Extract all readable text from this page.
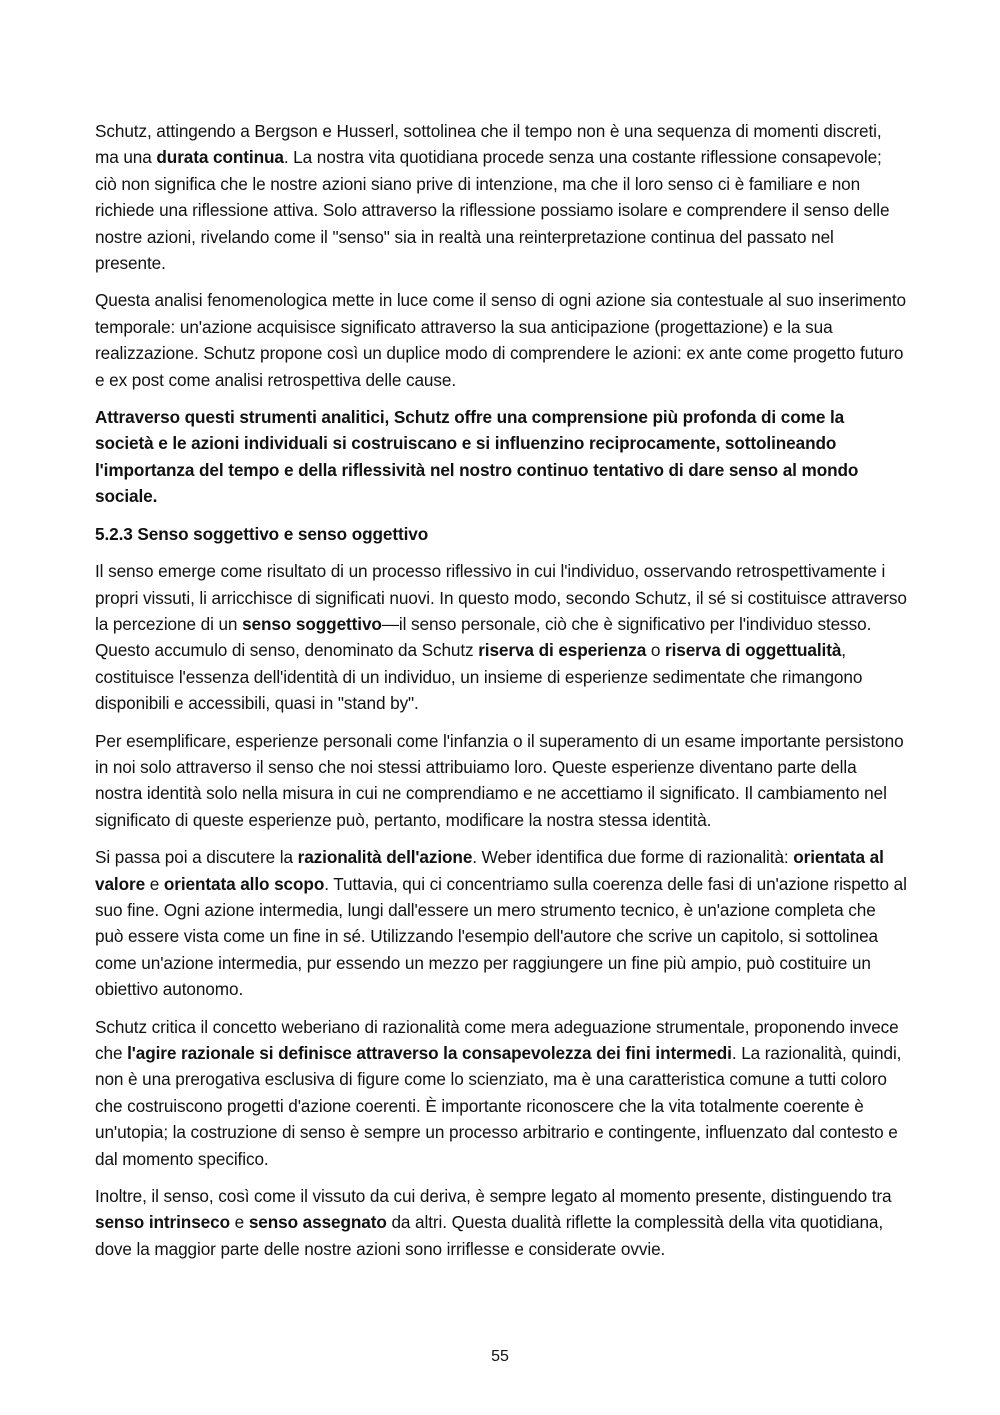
Schutz, attingendo a Bergson e Husserl, sottolinea che il tempo non è una sequenza di momenti discreti, ma una durata continua. La nostra vita quotidiana procede senza una costante riflessione consapevole; ciò non significa che le nostre azioni siano prive di intenzione, ma che il loro senso ci è familiare e non richiede una riflessione attiva. Solo attraverso la riflessione possiamo isolare e comprendere il senso delle nostre azioni, rivelando come il "senso" sia in realtà una reinterpretazione continua del passato nel presente.

Questa analisi fenomenologica mette in luce come il senso di ogni azione sia contestuale al suo inserimento temporale: un'azione acquisisce significato attraverso la sua anticipazione (progettazione) e la sua realizzazione. Schutz propone così un duplice modo di comprendere le azioni: ex ante come progetto futuro e ex post come analisi retrospettiva delle cause.

Attraverso questi strumenti analitici, Schutz offre una comprensione più profonda di come la società e le azioni individuali si costruiscano e si influenzino reciprocamente, sottolineando l'importanza del tempo e della riflessività nel nostro continuo tentativo di dare senso al mondo sociale.

5.2.3 Senso soggettivo e senso oggettivo

Il senso emerge come risultato di un processo riflessivo in cui l'individuo, osservando retrospettivamente i propri vissuti, li arricchisce di significati nuovi. In questo modo, secondo Schutz, il sé si costituisce attraverso la percezione di un senso soggettivo—il senso personale, ciò che è significativo per l'individuo stesso. Questo accumulo di senso, denominato da Schutz riserva di esperienza o riserva di oggettualità, costituisce l'essenza dell'identità di un individuo, un insieme di esperienze sedimentate che rimangono disponibili e accessibili, quasi in "stand by".

Per esemplificare, esperienze personali come l'infanzia o il superamento di un esame importante persistono in noi solo attraverso il senso che noi stessi attribuiamo loro. Queste esperienze diventano parte della nostra identità solo nella misura in cui ne comprendiamo e ne accettiamo il significato. Il cambiamento nel significato di queste esperienze può, pertanto, modificare la nostra stessa identità.

Si passa poi a discutere la razionalità dell'azione. Weber identifica due forme di razionalità: orientata al valore e orientata allo scopo. Tuttavia, qui ci concentriamo sulla coerenza delle fasi di un'azione rispetto al suo fine. Ogni azione intermedia, lungi dall'essere un mero strumento tecnico, è un'azione completa che può essere vista come un fine in sé. Utilizzando l'esempio dell'autore che scrive un capitolo, si sottolinea come un'azione intermedia, pur essendo un mezzo per raggiungere un fine più ampio, può costituire un obiettivo autonomo.

Schutz critica il concetto weberiano di razionalità come mera adeguazione strumentale, proponendo invece che l'agire razionale si definisce attraverso la consapevolezza dei fini intermedi. La razionalità, quindi, non è una prerogativa esclusiva di figure come lo scienziato, ma è una caratteristica comune a tutti coloro che costruiscono progetti d'azione coerenti. È importante riconoscere che la vita totalmente coerente è un'utopia; la costruzione di senso è sempre un processo arbitrario e contingente, influenzato dal contesto e dal momento specifico.

Inoltre, il senso, così come il vissuto da cui deriva, è sempre legato al momento presente, distinguendo tra senso intrinseco e senso assegnato da altri. Questa dualità riflette la complessità della vita quotidiana, dove la maggior parte delle nostre azioni sono irriflesse e considerate ovvie.

55
